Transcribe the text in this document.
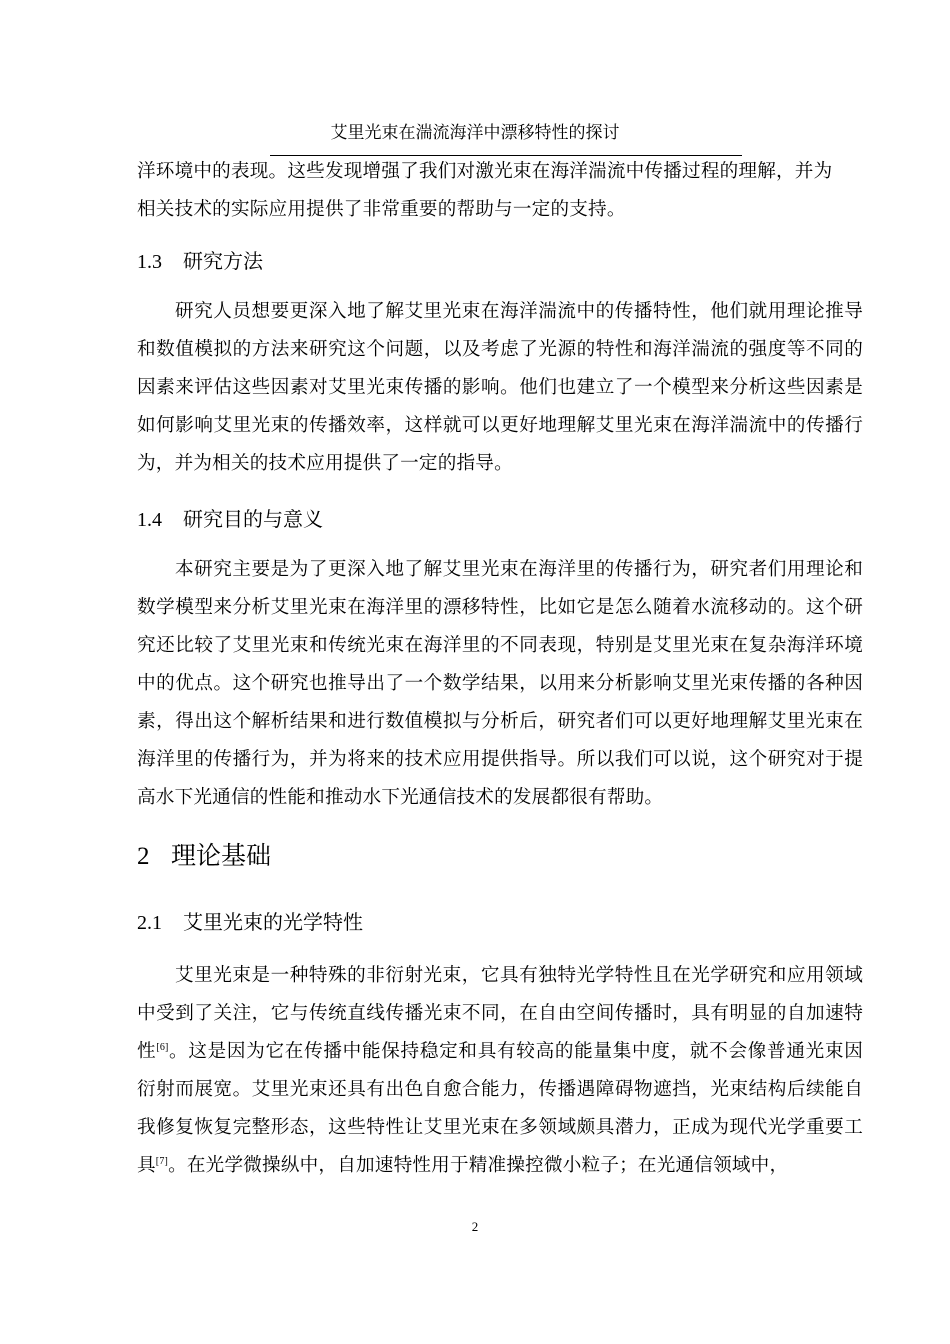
艾里光束在湍流海洋中漂移特性的探讨

洋环境中的表现。这些发现增强了我们对激光束在海洋湍流中传播过程的理解，并为

相关技术的实际应用提供了非常重要的帮助与一定的支持。

1.3 研究方法

研究人员想要更深入地了解艾里光束在海洋湍流中的传播特性，他们就用理论推导和数值模拟的方法来研究这个问题，以及考虑了光源的特性和海洋湍流的强度等不同的因素来评估这些因素对艾里光束传播的影响。他们也建立了一个模型来分析这些因素是如何影响艾里光束的传播效率，这样就可以更好地理解艾里光束在海洋湍流中的传播行为，并为相关的技术应用提供了一定的指导。

1.4 研究目的与意义

本研究主要是为了更深入地了解艾里光束在海洋里的传播行为，研究者们用理论和数学模型来分析艾里光束在海洋里的漂移特性，比如它是怎么随着水流移动的。这个研究还比较了艾里光束和传统光束在海洋里的不同表现，特别是艾里光束在复杂海洋环境中的优点。这个研究也推导出了一个数学结果，以用来分析影响艾里光束传播的各种因素，得出这个解析结果和进行数值模拟与分析后，研究者们可以更好地理解艾里光束在海洋里的传播行为，并为将来的技术应用提供指导。所以我们可以说，这个研究对于提高水下光通信的性能和推动水下光通信技术的发展都很有帮助。

2 理论基础

2.1 艾里光束的光学特性

艾里光束是一种特殊的非衍射光束，它具有独特光学特性且在光学研究和应用领域中受到了关注，它与传统直线传播光束不同，在自由空间传播时，具有明显的自加速特性[6]。这是因为它在传播中能保持稳定和具有较高的能量集中度，就不会像普通光束因衍射而展宽。艾里光束还具有出色自愈合能力，传播遇障碍物遮挡，光束结构后续能自我修复恢复完整形态，这些特性让艾里光束在多领域颇具潜力，正成为现代光学重要工具[7]。在光学微操纵中，自加速特性用于精准操控微小粒子；在光通信领域中，

2
